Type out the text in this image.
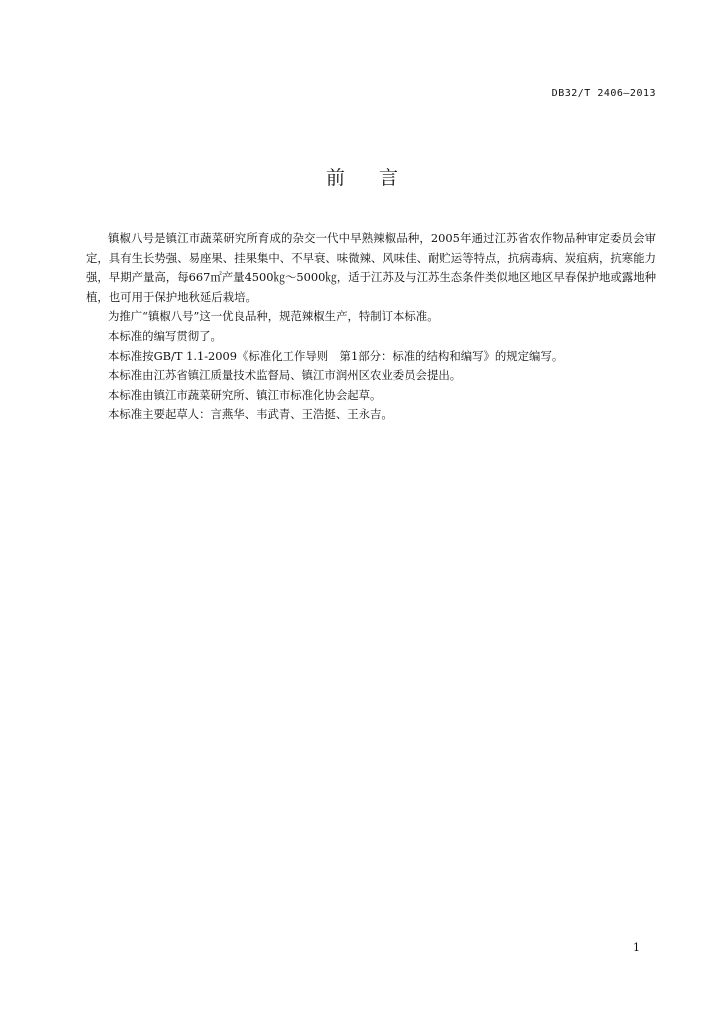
DB32/T 2406—2013
前言

镇椒八号是镇江市蔬菜研究所育成的杂交一代中早熟辣椒品种，2005年通过江苏省农作物品种审定委员会审定，具有生长势强、易座果、挂果集中、不早衰、味微辣、风味佳、耐贮运等特点，抗病毒病、炭疽病，抗寒能力强，早期产量高，每667㎡产量4500㎏～5000㎏，适于江苏及与江苏生态条件类似地区地区早春保护地或露地种植，也可用于保护地秋延后栽培。

为推广“镇椒八号”这一优良品种，规范辣椒生产，特制订本标准。

本标准的编写贯彻了。

本标准按GB/T 1.1-2009《标准化工作导则　第1部分：标准的结构和编写》的规定编写。

本标准由江苏省镇江质量技术监督局、镇江市润州区农业委员会提出。

本标准由镇江市蔬菜研究所、镇江市标准化协会起草。

本标准主要起草人：言燕华、韦武青、王浩挺、王永吉。

1
